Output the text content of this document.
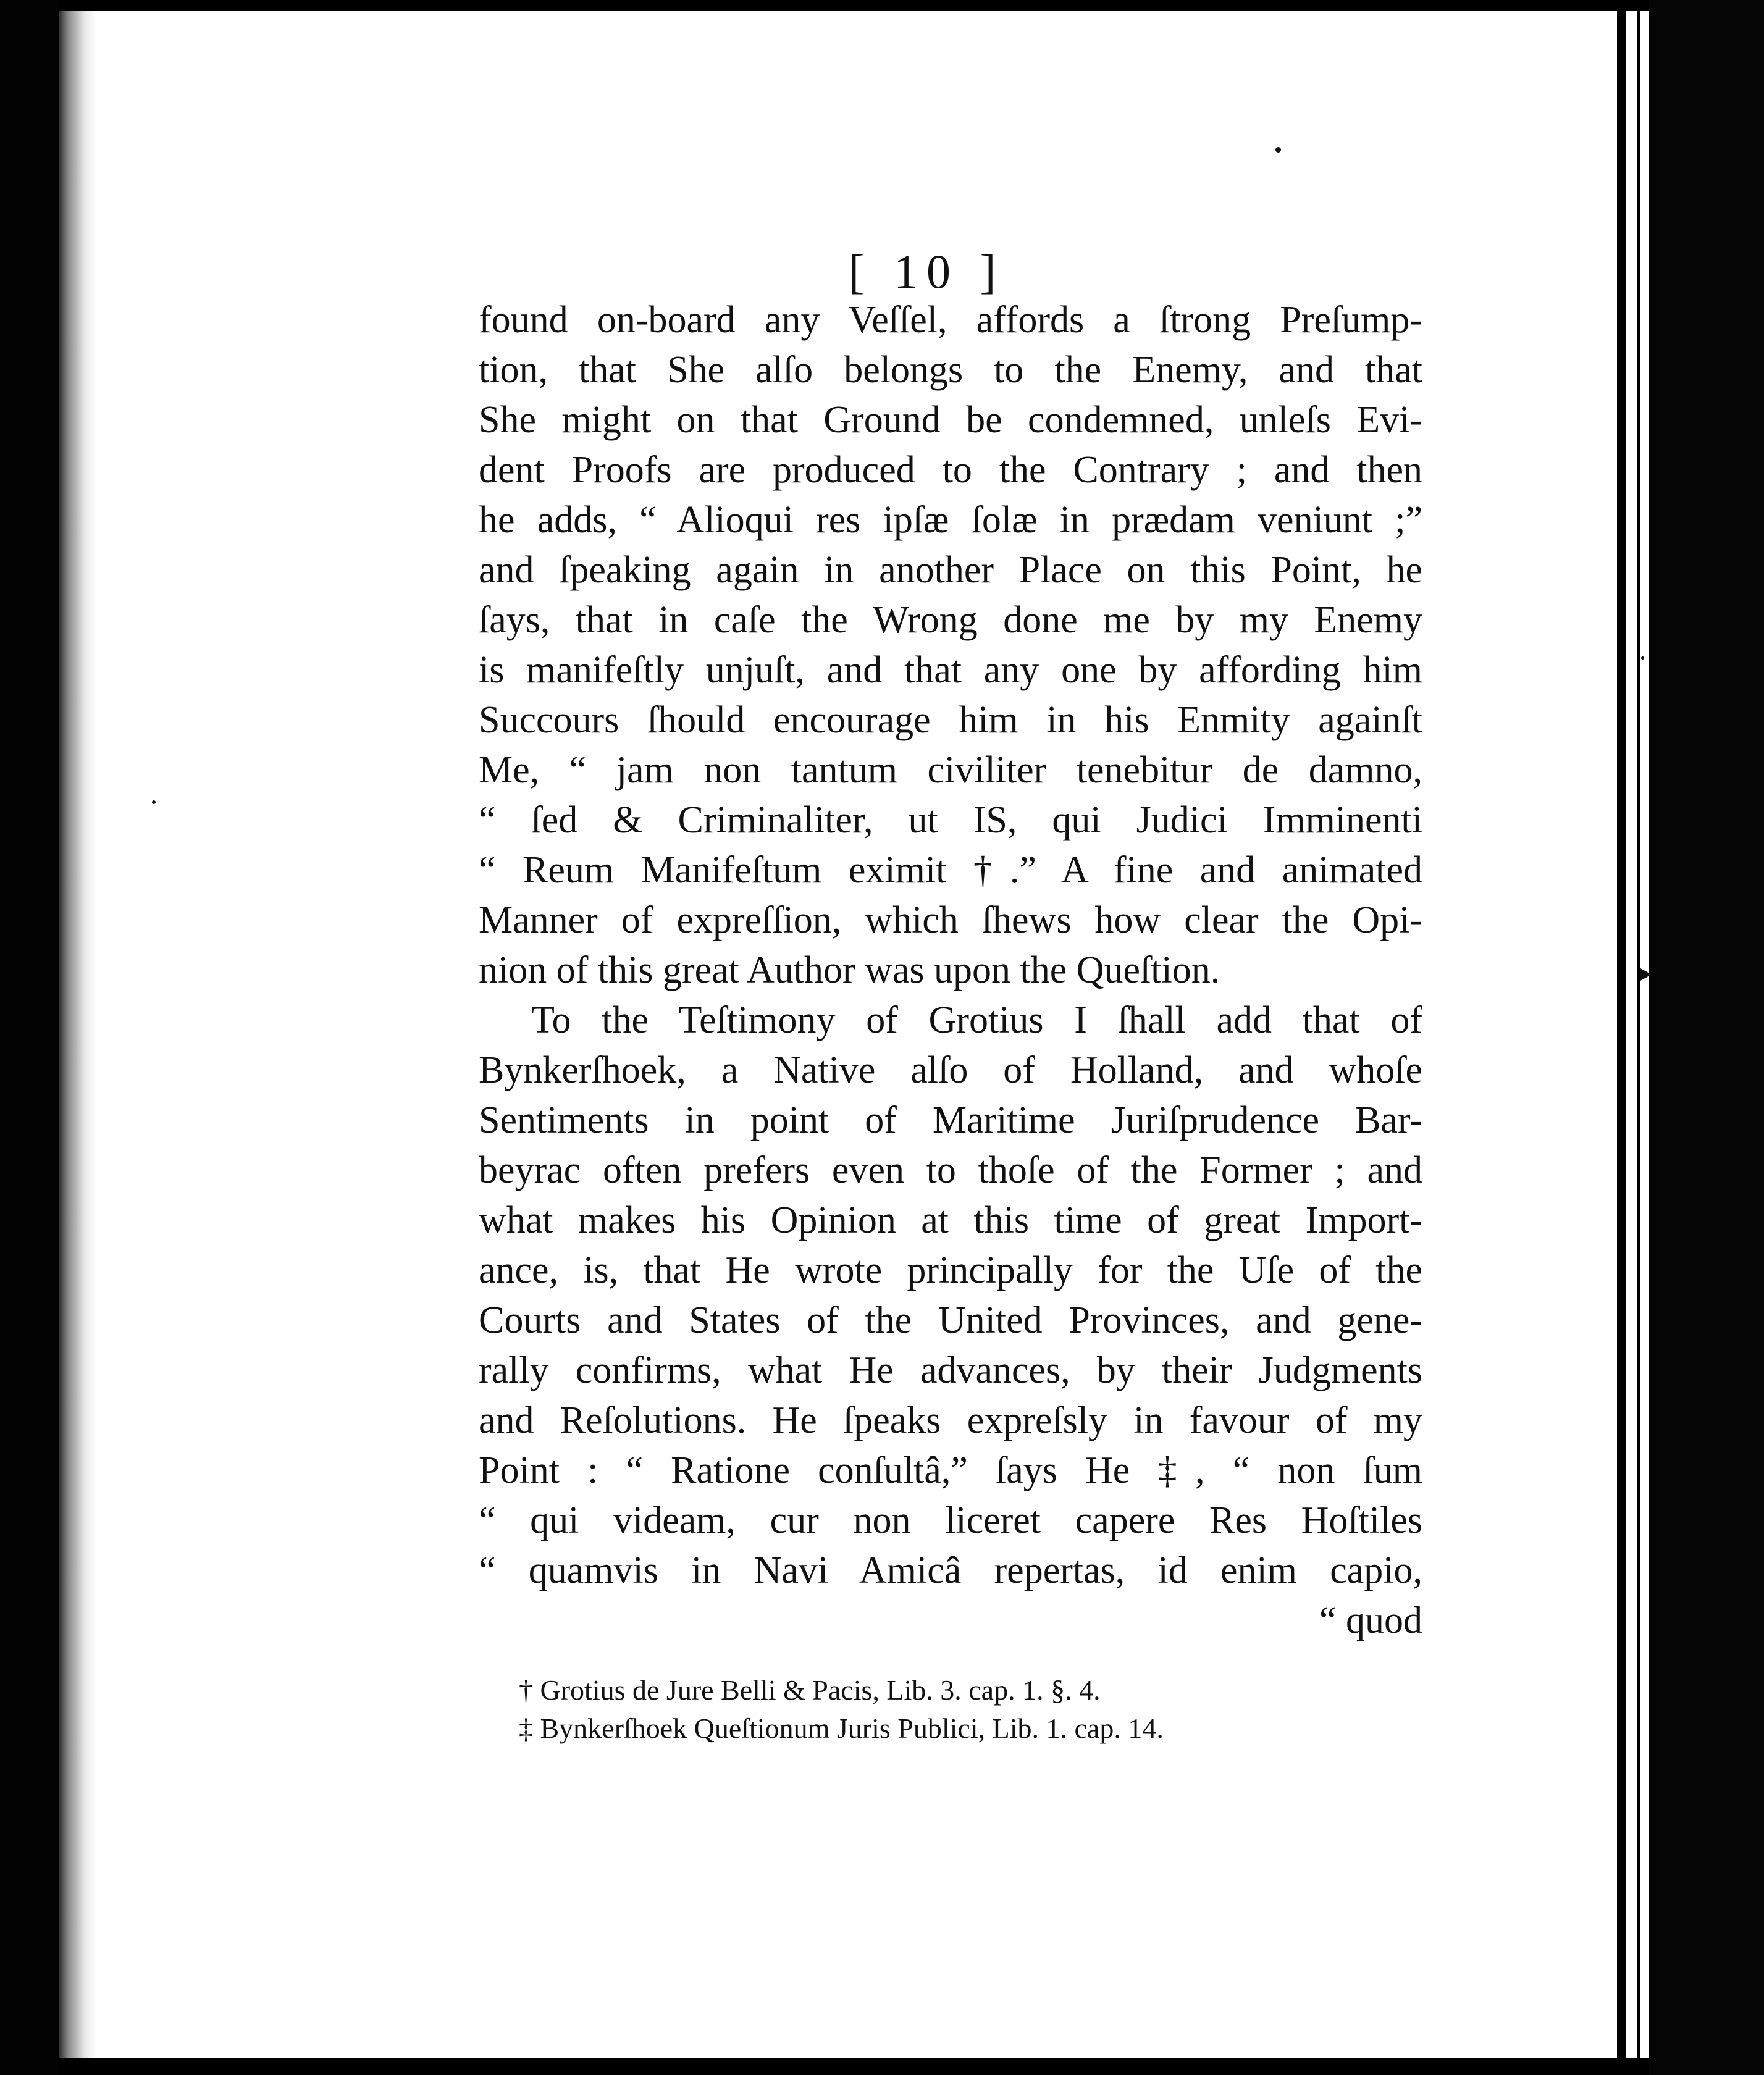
[ 10 ]
found on-board any Veſſel, affords a ſtrong Preſump-
tion, that She alſo belongs to the Enemy, and that
She might on that Ground be condemned, unleſs Evi-
dent Proofs are produced to the Contrary ; and then
he adds, “ Alioqui res ipſæ ſolæ in prædam veniunt ;”
and ſpeaking again in another Place on this Point, he
ſays, that in caſe the Wrong done me by my Enemy
is manifeſtly unjuſt, and that any one by affording him
Succours ſhould encourage him in his Enmity againſt
Me, “ jam non tantum civiliter tenebitur de damno,
“ ſed & Criminaliter, ut IS, qui Judici Imminenti
“ Reum Manifeſtum eximit †.” A fine and animated
Manner of expreſſion, which ſhews how clear the Opi-
nion of this great Author was upon the Queſtion.
To the Teſtimony of Grotius I ſhall add that of
Bynkerſhoek, a Native alſo of Holland, and whoſe
Sentiments in point of Maritime Juriſprudence Bar-
beyrac often prefers even to thoſe of the Former ; and
what makes his Opinion at this time of great Import-
ance, is, that He wrote principally for the Uſe of the
Courts and States of the United Provinces, and gene-
rally confirms, what He advances, by their Judgments
and Reſolutions. He ſpeaks expreſsly in favour of my
Point : “ Ratione conſultâ,” ſays He ‡, “ non ſum
“ qui videam, cur non liceret capere Res Hoſtiles
“ quamvis in Navi Amicâ repertas, id enim capio,
“ quod
† Grotius de Jure Belli & Pacis, Lib. 3. cap. 1. §. 4.
‡ Bynkerſhoek Queſtionum Juris Publici, Lib. 1. cap. 14.
